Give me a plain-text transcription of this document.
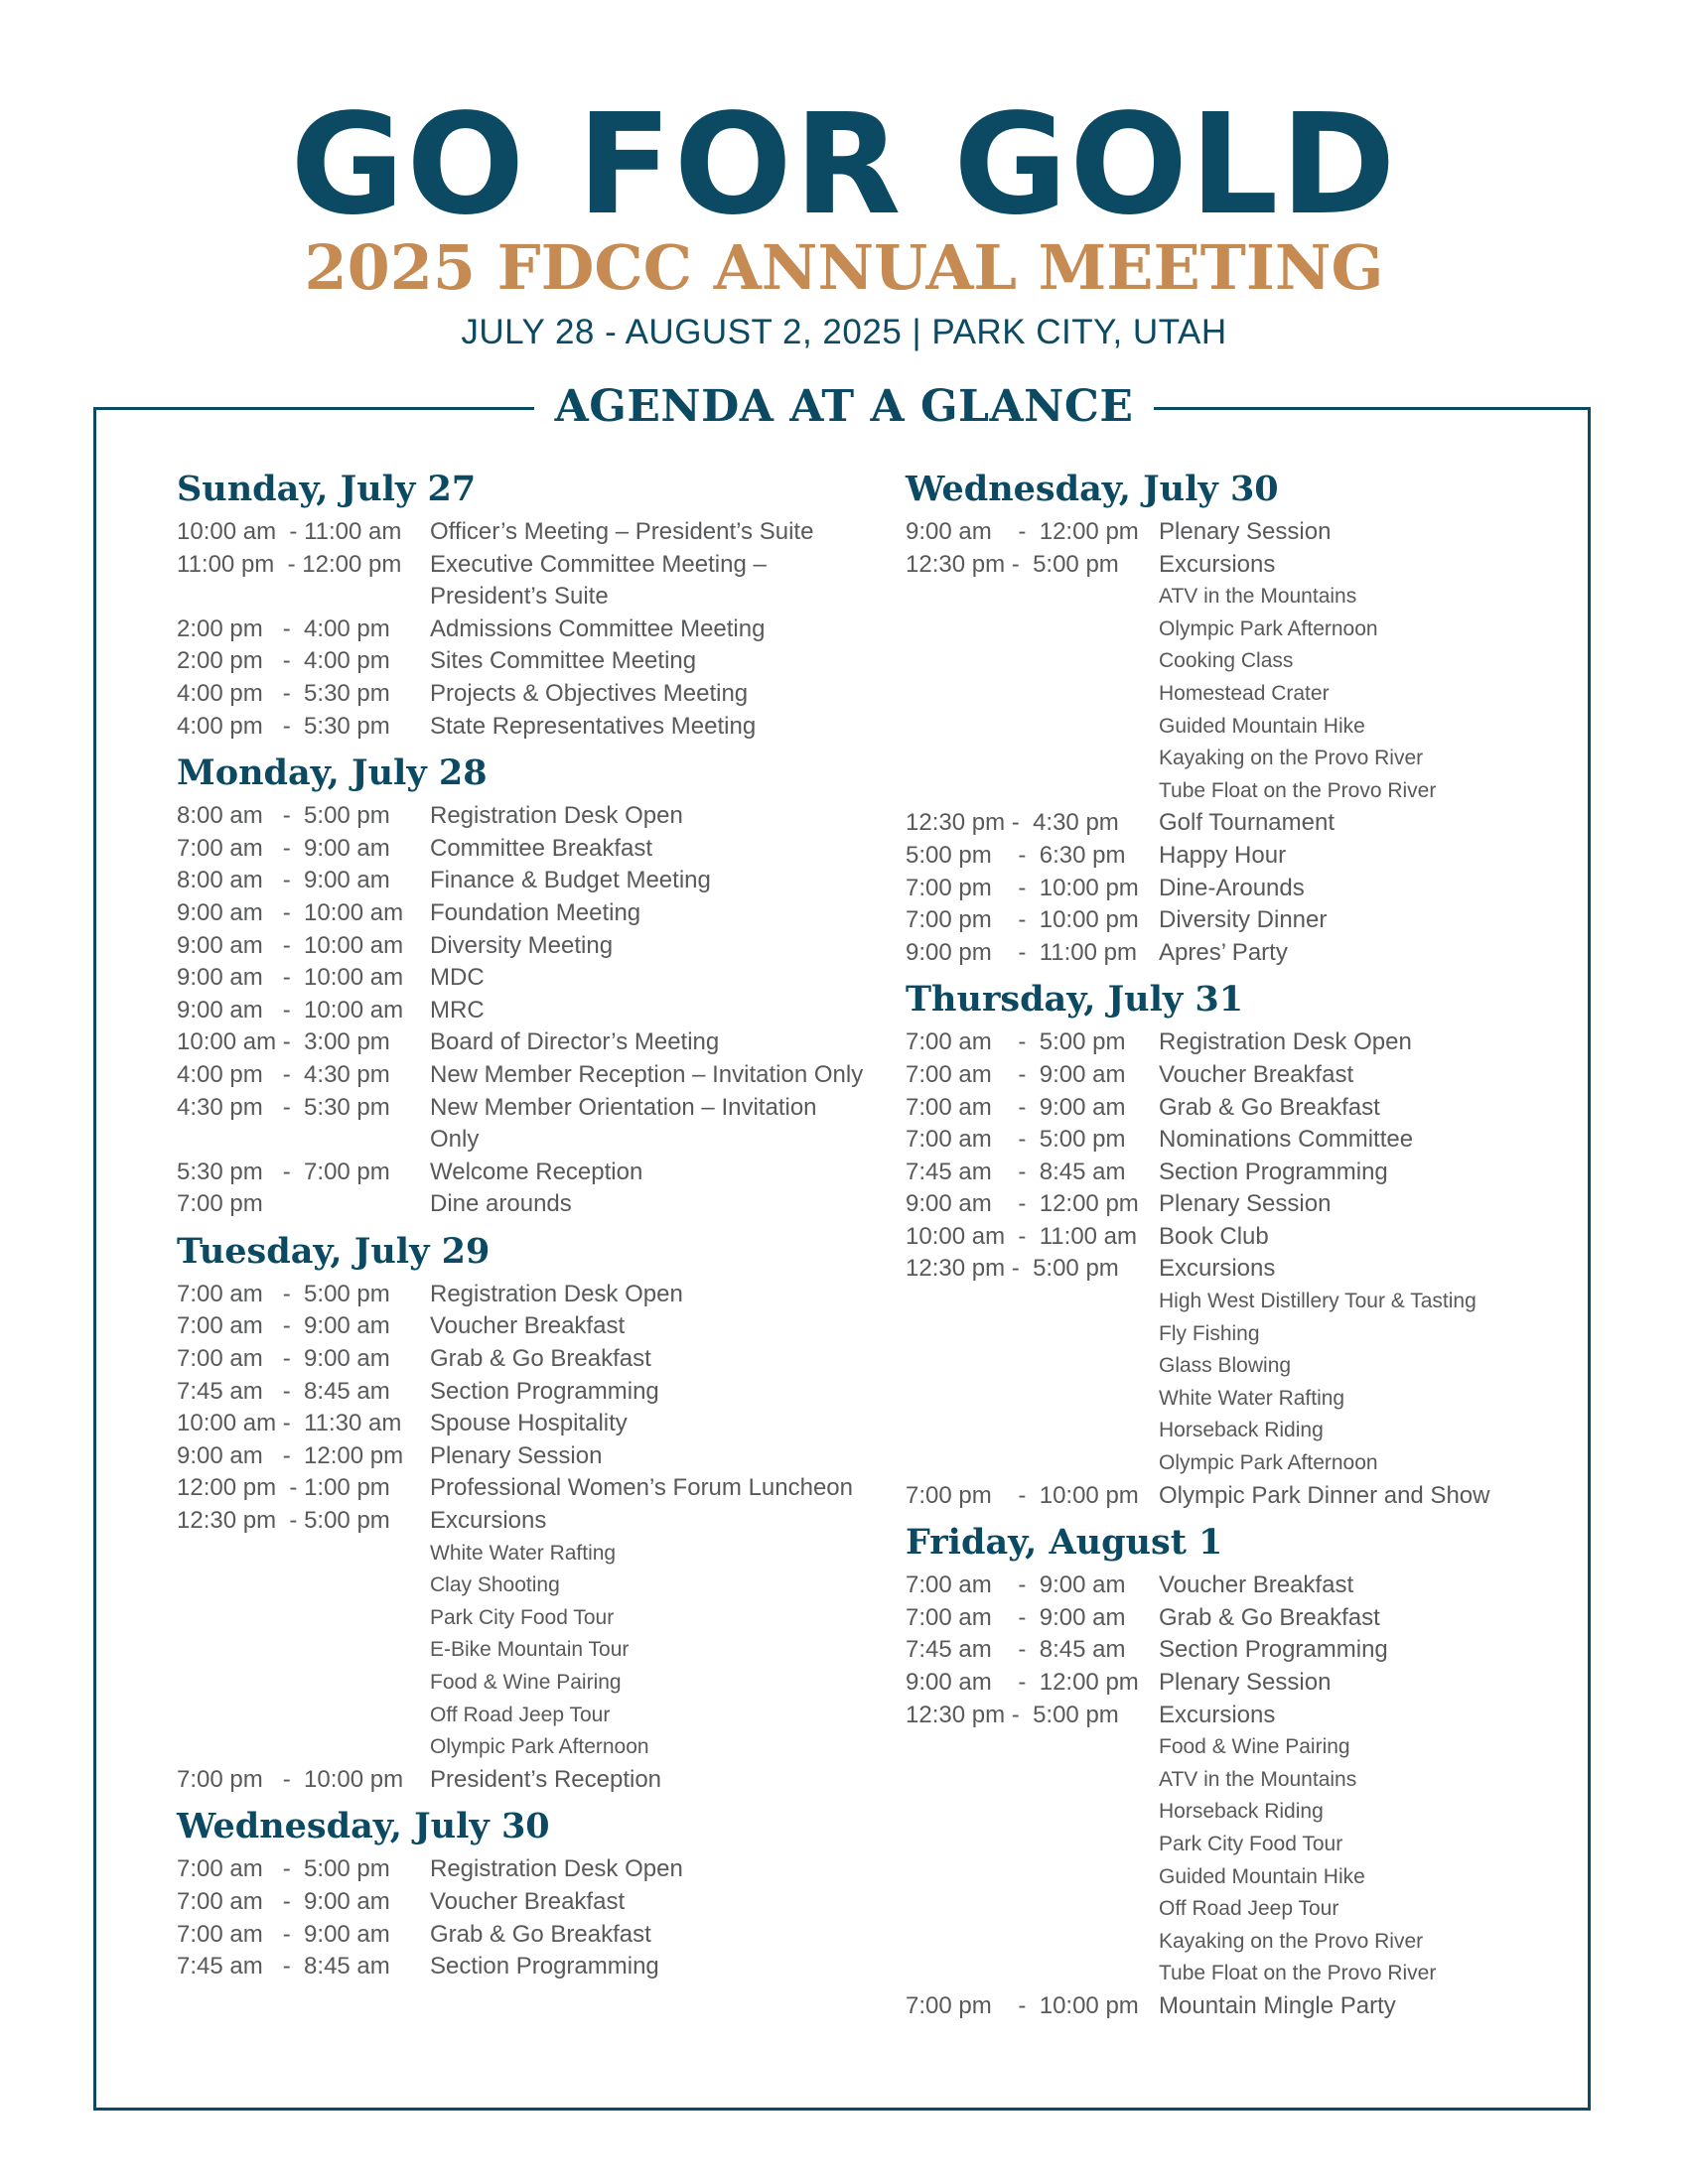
GO FOR GOLD
2025 FDCC ANNUAL MEETING
JULY 28 - AUGUST 2, 2025 | PARK CITY, UTAH
AGENDA AT A GLANCE
Sunday, July 27
10:00 am  - 11:00 am	Officer’s Meeting – President’s Suite
11:00 pm  - 12:00 pm	Executive Committee Meeting – President’s Suite
2:00 pm   -  4:00 pm	Admissions Committee Meeting
2:00 pm   -  4:00 pm	Sites Committee Meeting
4:00 pm   -  5:30 pm	Projects & Objectives Meeting
4:00 pm   -  5:30 pm	State Representatives Meeting
Monday, July 28
8:00 am   -  5:00 pm	Registration Desk Open
7:00 am   -  9:00 am	Committee Breakfast
8:00 am   -  9:00 am	Finance & Budget Meeting
9:00 am   -  10:00 am	Foundation Meeting
9:00 am   -  10:00 am	Diversity Meeting
9:00 am   -  10:00 am	MDC
9:00 am   -  10:00 am	MRC
10:00 am -  3:00 pm	Board of Director’s Meeting
4:00 pm   -  4:30 pm	New Member Reception – Invitation Only
4:30 pm   -  5:30 pm	New Member Orientation – Invitation Only
5:30 pm   -  7:00 pm	Welcome Reception
7:00 pm	Dine arounds
Tuesday, July 29
7:00 am   -  5:00 pm	Registration Desk Open
7:00 am   -  9:00 am	Voucher Breakfast
7:00 am   -  9:00 am	Grab & Go Breakfast
7:45 am   -  8:45 am	Section Programming
10:00 am -  11:30 am	Spouse Hospitality
9:00 am   -  12:00 pm	Plenary Session
12:00 pm  - 1:00 pm	Professional Women’s Forum Luncheon
12:30 pm  - 5:00 pm	Excursions
White Water Rafting
Clay Shooting
Park City Food Tour
E-Bike Mountain Tour
Food & Wine Pairing
Off Road Jeep Tour
Olympic Park Afternoon
7:00 pm   -  10:00 pm	President’s Reception
Wednesday, July 30
7:00 am   -  5:00 pm	Registration Desk Open
7:00 am   -  9:00 am	Voucher Breakfast
7:00 am   -  9:00 am	Grab & Go Breakfast
7:45 am   -  8:45 am	Section Programming
Wednesday, July 30
9:00 am    -  12:00 pm Plenary Session
12:30 pm -  5:00 pm	Excursions
ATV in the Mountains
Olympic Park Afternoon
Cooking Class
Homestead Crater
Guided Mountain Hike
Kayaking on the Provo River
Tube Float on the Provo River
12:30 pm -  4:30 pm	Golf Tournament
5:00 pm    -  6:30 pm	Happy Hour
7:00 pm    -  10:00 pm Dine-Arounds
7:00 pm    -  10:00 pm Diversity Dinner
9:00 pm    -  11:00 pm Apres’ Party
Thursday, July 31
7:00 am    -  5:00 pm	Registration Desk Open
7:00 am    -  9:00 am	Voucher Breakfast
7:00 am    -  9:00 am	Grab & Go Breakfast
7:00 am    -  5:00 pm	Nominations Committee
7:45 am    -  8:45 am	Section Programming
9:00 am    -  12:00 pm Plenary Session
10:00 am  -  11:00 am Book Club
12:30 pm -  5:00 pm	Excursions
High West Distillery Tour & Tasting
Fly Fishing
Glass Blowing
White Water Rafting
Horseback Riding
Olympic Park Afternoon
7:00 pm    -  10:00 pm Olympic Park Dinner and Show
Friday, August 1
7:00 am    -  9:00 am	Voucher Breakfast
7:00 am    -  9:00 am	Grab & Go Breakfast
7:45 am    -  8:45 am	Section Programming
9:00 am    -  12:00 pm Plenary Session
12:30 pm -  5:00 pm	Excursions
Food & Wine Pairing
ATV in the Mountains
Horseback Riding
Park City Food Tour
Guided Mountain Hike
Off Road Jeep Tour
Kayaking on the Provo River
Tube Float on the Provo River
7:00 pm    -  10:00 pm Mountain Mingle Party
